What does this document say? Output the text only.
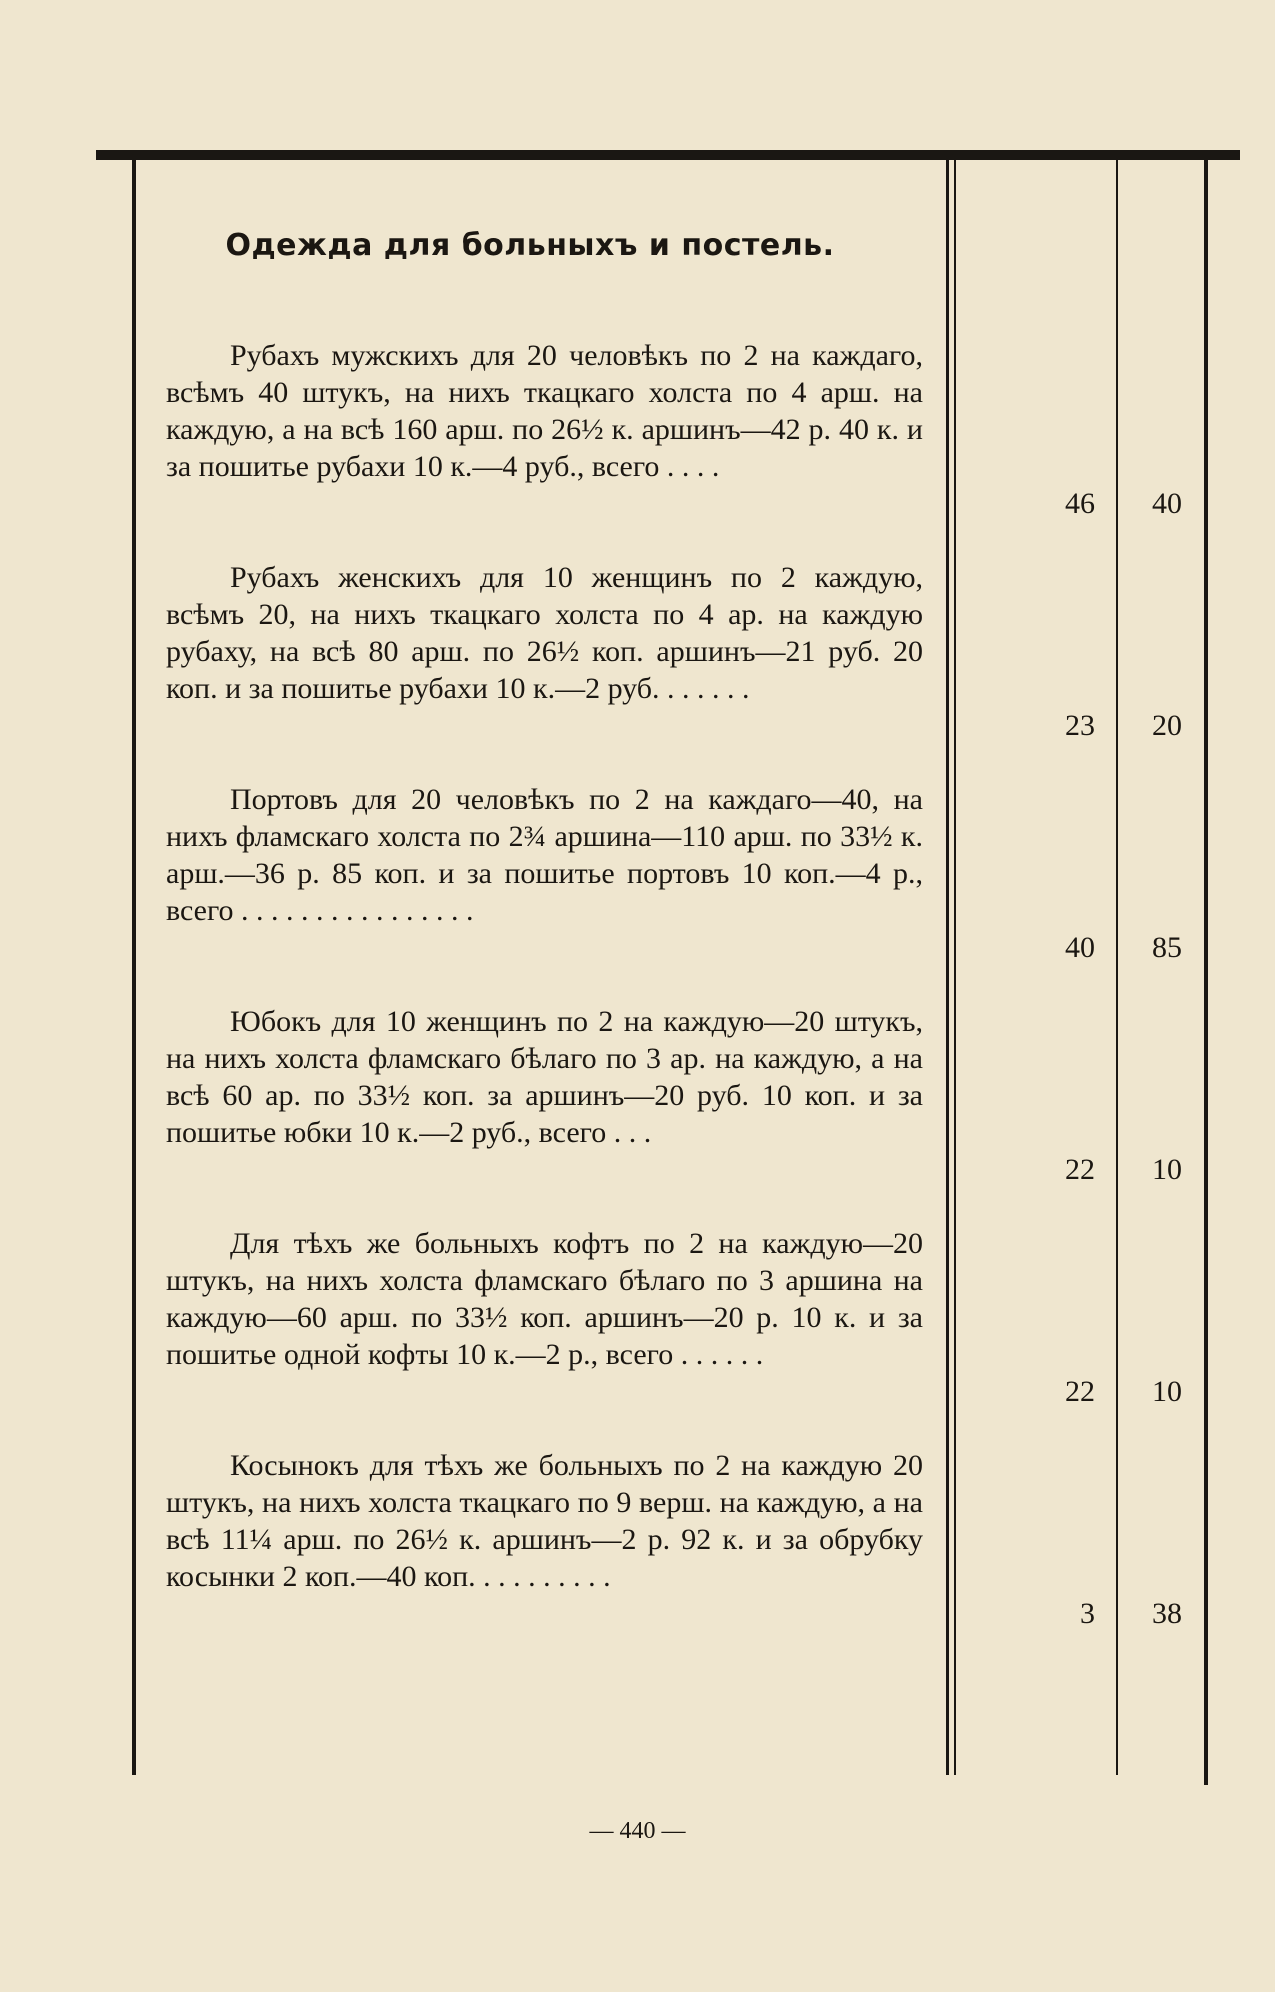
Одежда для больныхъ и постель.

Рубахъ мужскихъ для 20 человѣкъ по 2 на каждаго, всѣмъ 40 штукъ, на нихъ ткацкаго холста по 4 арш. на каждую, а на всѣ 160 арш. по 26½ к. аршинъ—42 р. 40 к. и за пошитье рубахи 10 к.—4 руб., всего . . . .

46	40

Рубахъ женскихъ для 10 женщинъ по 2 каждую, всѣмъ 20, на нихъ ткацкаго холста по 4 ар. на каждую рубаху, на всѣ 80 арш. по 26½ коп. аршинъ—21 руб. 20 коп. и за пошитье рубахи 10 к.—2 руб. . . . . . .

23	20

Портовъ для 20 человѣкъ по 2 на каждаго—40, на нихъ фламскаго холста по 2¾ аршина—110 арш. по 33½ к. арш.—36 р. 85 коп. и за пошитье портовъ 10 коп.—4 р., всего . . . . . . . . . . . . . . . .

40	85

Юбокъ для 10 женщинъ по 2 на каждую—20 штукъ, на нихъ холста фламскаго бѣлаго по 3 ар. на каждую, а на всѣ 60 ар. по 33½ коп. за аршинъ—20 руб. 10 коп. и за пошитье юбки 10 к.—2 руб., всего . . .

22	10

Для тѣхъ же больныхъ кофтъ по 2 на каждую—20 штукъ, на нихъ холста фламскаго бѣлаго по 3 аршина на каждую—60 арш. по 33½ коп. аршинъ—20 р. 10 к. и за пошитье одной кофты 10 к.—2 р., всего . . . . . .

22	10

Косынокъ для тѣхъ же больныхъ по 2 на каждую 20 штукъ, на нихъ холста ткацкаго по 9 верш. на каждую, а на всѣ 11¼ арш. по 26½ к. аршинъ—2 р. 92 к. и за обрубку косынки 2 коп.—40 коп. . . . . . . . . .

3	38
— 440 —
